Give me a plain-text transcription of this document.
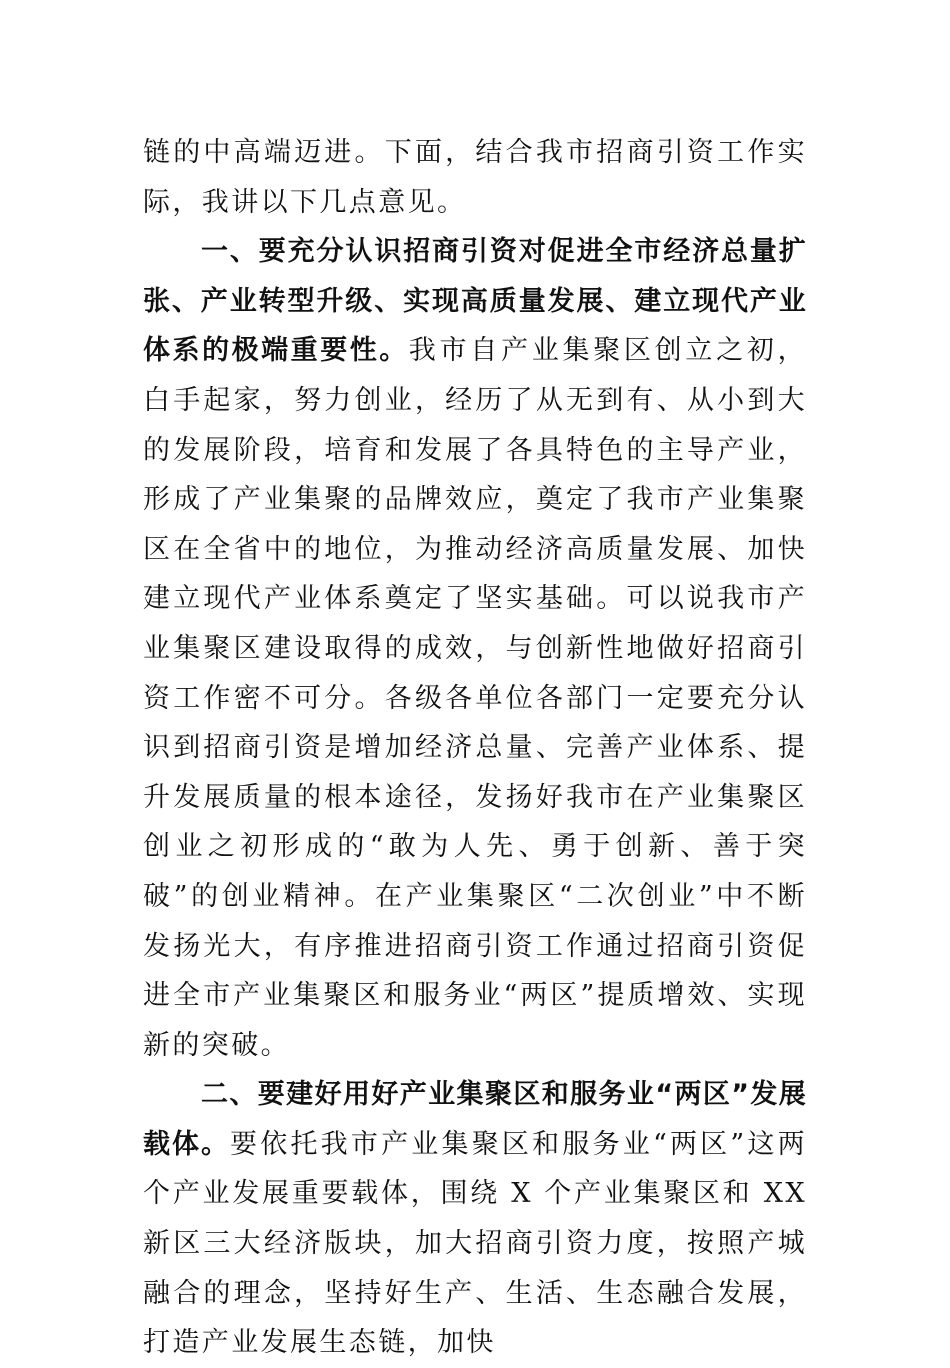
链的中高端迈进。下面，结合我市招商引资工作实际，我讲以下几点意见。

一、要充分认识招商引资对促进全市经济总量扩张、产业转型升级、实现高质量发展、建立现代产业体系的极端重要性。我市自产业集聚区创立之初，白手起家，努力创业，经历了从无到有、从小到大的发展阶段，培育和发展了各具特色的主导产业，形成了产业集聚的品牌效应，奠定了我市产业集聚区在全省中的地位，为推动经济高质量发展、加快建立现代产业体系奠定了坚实基础。可以说我市产业集聚区建设取得的成效，与创新性地做好招商引资工作密不可分。各级各单位各部门一定要充分认识到招商引资是增加经济总量、完善产业体系、提升发展质量的根本途径，发扬好我市在产业集聚区创业之初形成的“敢为人先、勇于创新、善于突破”的创业精神。在产业集聚区“二次创业”中不断发扬光大，有序推进招商引资工作通过招商引资促进全市产业集聚区和服务业“两区”提质增效、实现新的突破。

二、要建好用好产业集聚区和服务业“两区”发展载体。要依托我市产业集聚区和服务业“两区”这两个产业发展重要载体，围绕 X 个产业集聚区和 XX 新区三大经济版块，加大招商引资力度，按照产城融合的理念，坚持好生产、生活、生态融合发展，打造产业发展生态链，加快
